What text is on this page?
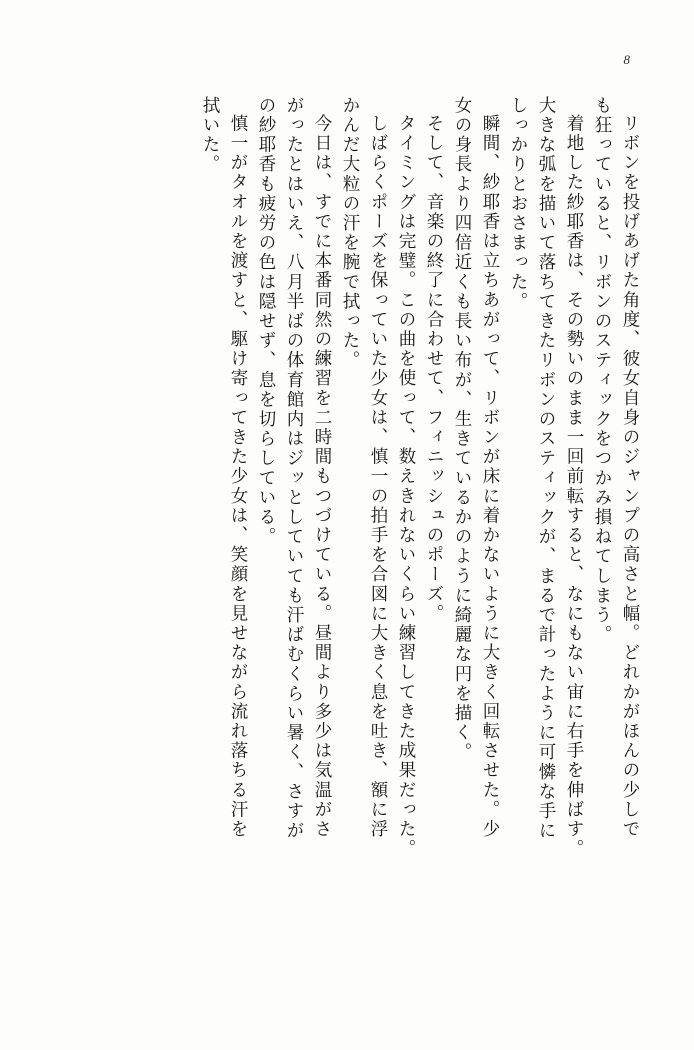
8
リボンを投げあげた角度、彼女自身のジャンプの高さと幅。どれかがほんの少しで
も狂っていると、リボンのスティックをつかみ損ねてしまう。
着地した紗耶香は、その勢いのまま一回前転すると、なにもない宙に右手を伸ばす。
大きな弧を描いて落ちてきたリボンのスティックが、まるで計ったように可憐な手に
しっかりとおさまった。
瞬間、紗耶香は立ちあがって、リボンが床に着かないように大きく回転させた。少
女の身長より四倍近くも長い布が、生きているかのように綺麗な円を描く。
そして、音楽の終了に合わせて、フィニッシュのポーズ。
タイミングは完璧。この曲を使って、数えきれないくらい練習してきた成果だった。
しばらくポーズを保っていた少女は、慎一の拍手を合図に大きく息を吐き、額に浮
かんだ大粒の汗を腕で拭った。
今日は、すでに本番同然の練習を二時間もつづけている。昼間より多少は気温がさ
がったとはいえ、八月半ばの体育館内はジッとしていても汗ばむくらい暑く、さすが
の紗耶香も疲労の色は隠せず、息を切らしている。
慎一がタオルを渡すと、駆け寄ってきた少女は、笑顔を見せながら流れ落ちる汗を
拭いた。
